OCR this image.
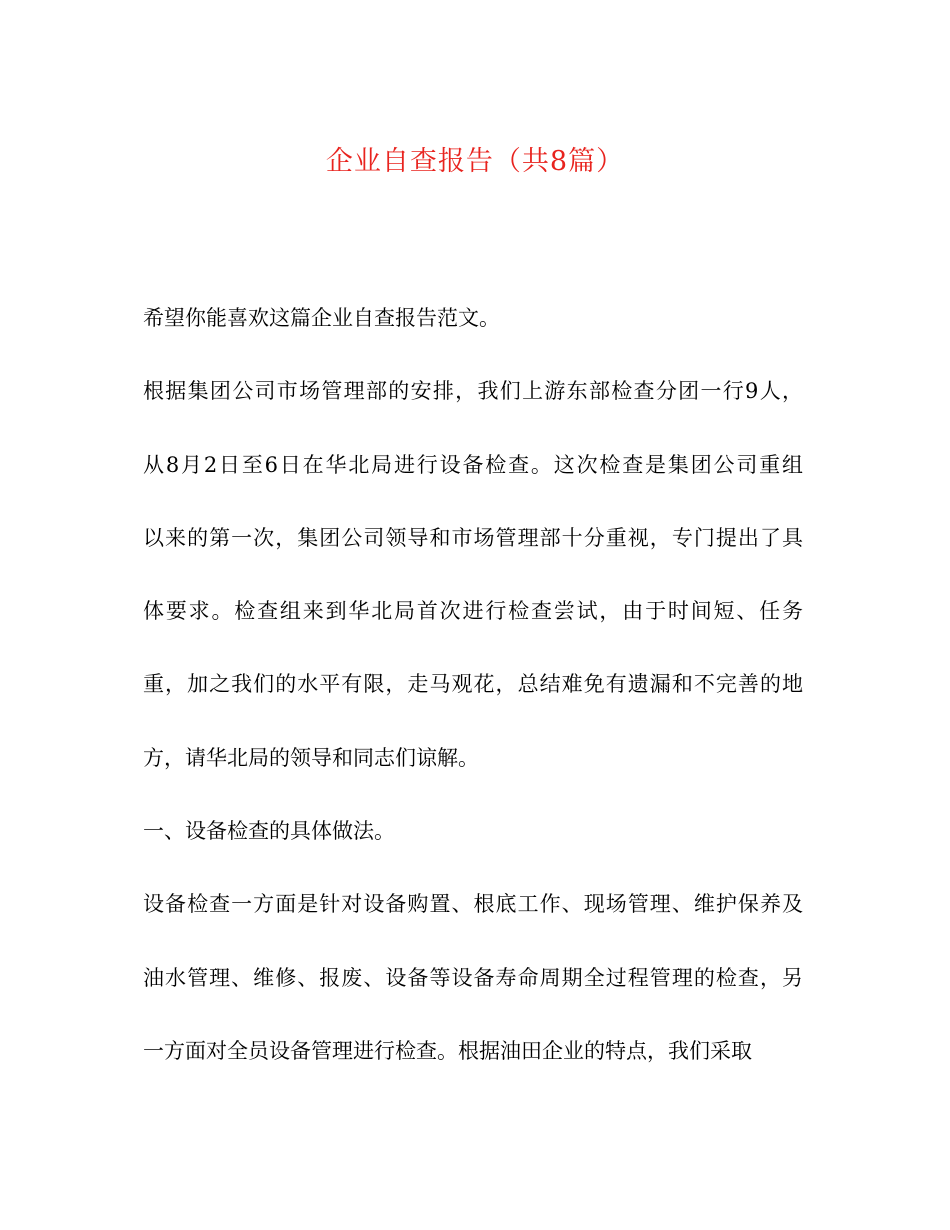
企业自查报告（共8篇）
希望你能喜欢这篇企业自查报告范文。
根据集团公司市场管理部的安排，我们上游东部检查分团一行9人，
从8月2日至6日在华北局进行设备检查。这次检查是集团公司重组
以来的第一次，集团公司领导和市场管理部十分重视，专门提出了具
体要求。检查组来到华北局首次进行检查尝试，由于时间短、任务
重，加之我们的水平有限，走马观花，总结难免有遗漏和不完善的地
方，请华北局的领导和同志们谅解。
一、设备检查的具体做法。
设备检查一方面是针对设备购置、根底工作、现场管理、维护保养及
油水管理、维修、报废、设备等设备寿命周期全过程管理的检查，另
一方面对全员设备管理进行检查。根据油田企业的特点，我们采取
